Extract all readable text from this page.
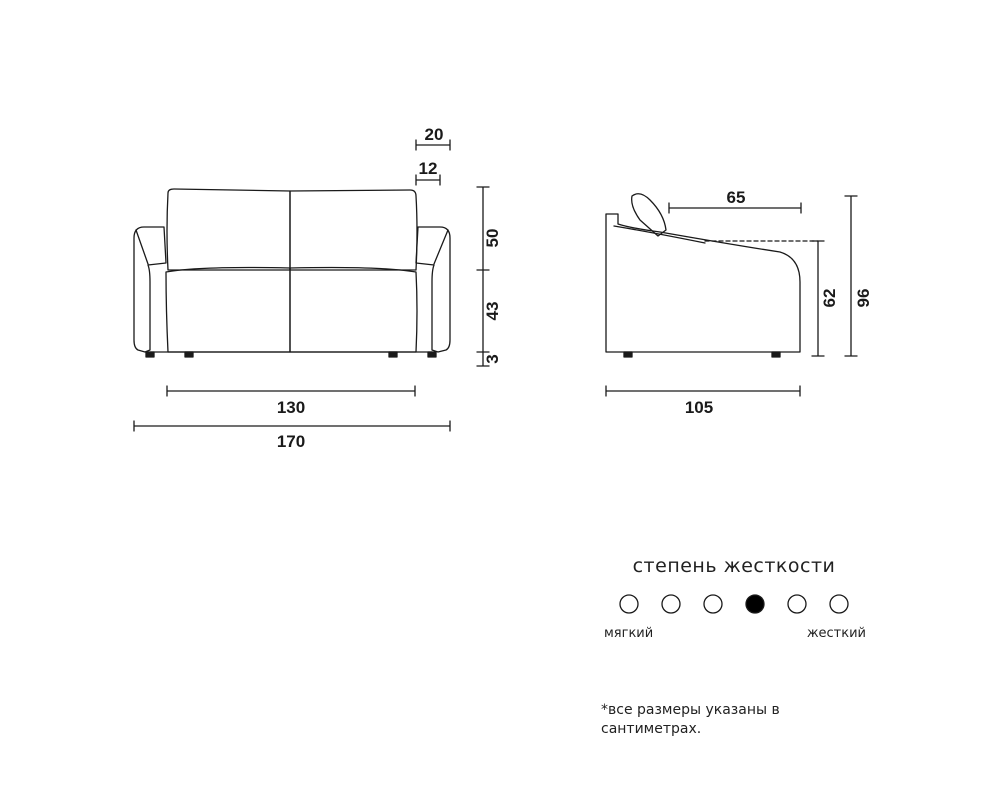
20
12
50
43
3
130
170
65
62 96
105
степень жесткости
мягкий	жесткий
*все размеры указаны в
сантиметрах.
